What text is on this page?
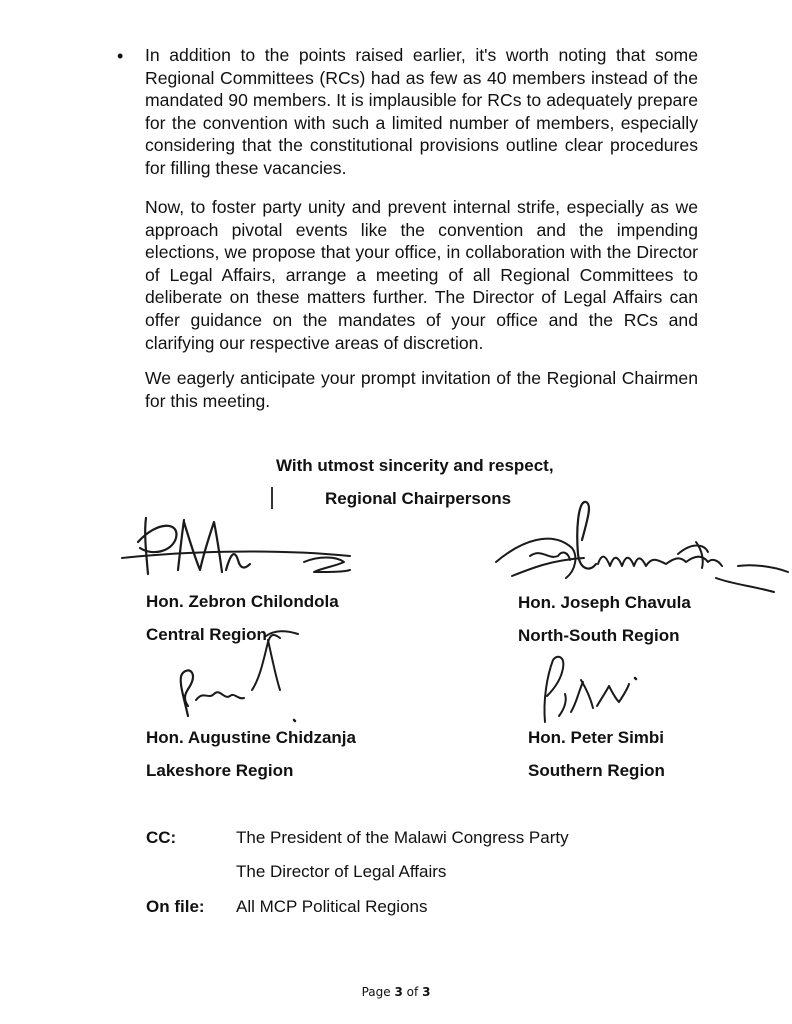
• In addition to the points raised earlier, it's worth noting that some Regional Committees (RCs) had as few as 40 members instead of the mandated 90 members. It is implausible for RCs to adequately prepare for the convention with such a limited number of members, especially considering that the constitutional provisions outline clear procedures for filling these vacancies.
Now, to foster party unity and prevent internal strife, especially as we approach pivotal events like the convention and the impending elections, we propose that your office, in collaboration with the Director of Legal Affairs, arrange a meeting of all Regional Committees to deliberate on these matters further. The Director of Legal Affairs can offer guidance on the mandates of your office and the RCs and clarifying our respective areas of discretion.
We eagerly anticipate your prompt invitation of the Regional Chairmen for this meeting.
With utmost sincerity and respect,
Regional Chairpersons
Hon. Zebron Chilondola
Central Region
Hon. Joseph Chavula
North-South Region
Hon. Augustine Chidzanja
Lakeshore Region
Hon. Peter Simbi
Southern Region
CC:	The President of the Malawi Congress Party
The Director of Legal Affairs
On file: All MCP Political Regions
Page 3 of 3
